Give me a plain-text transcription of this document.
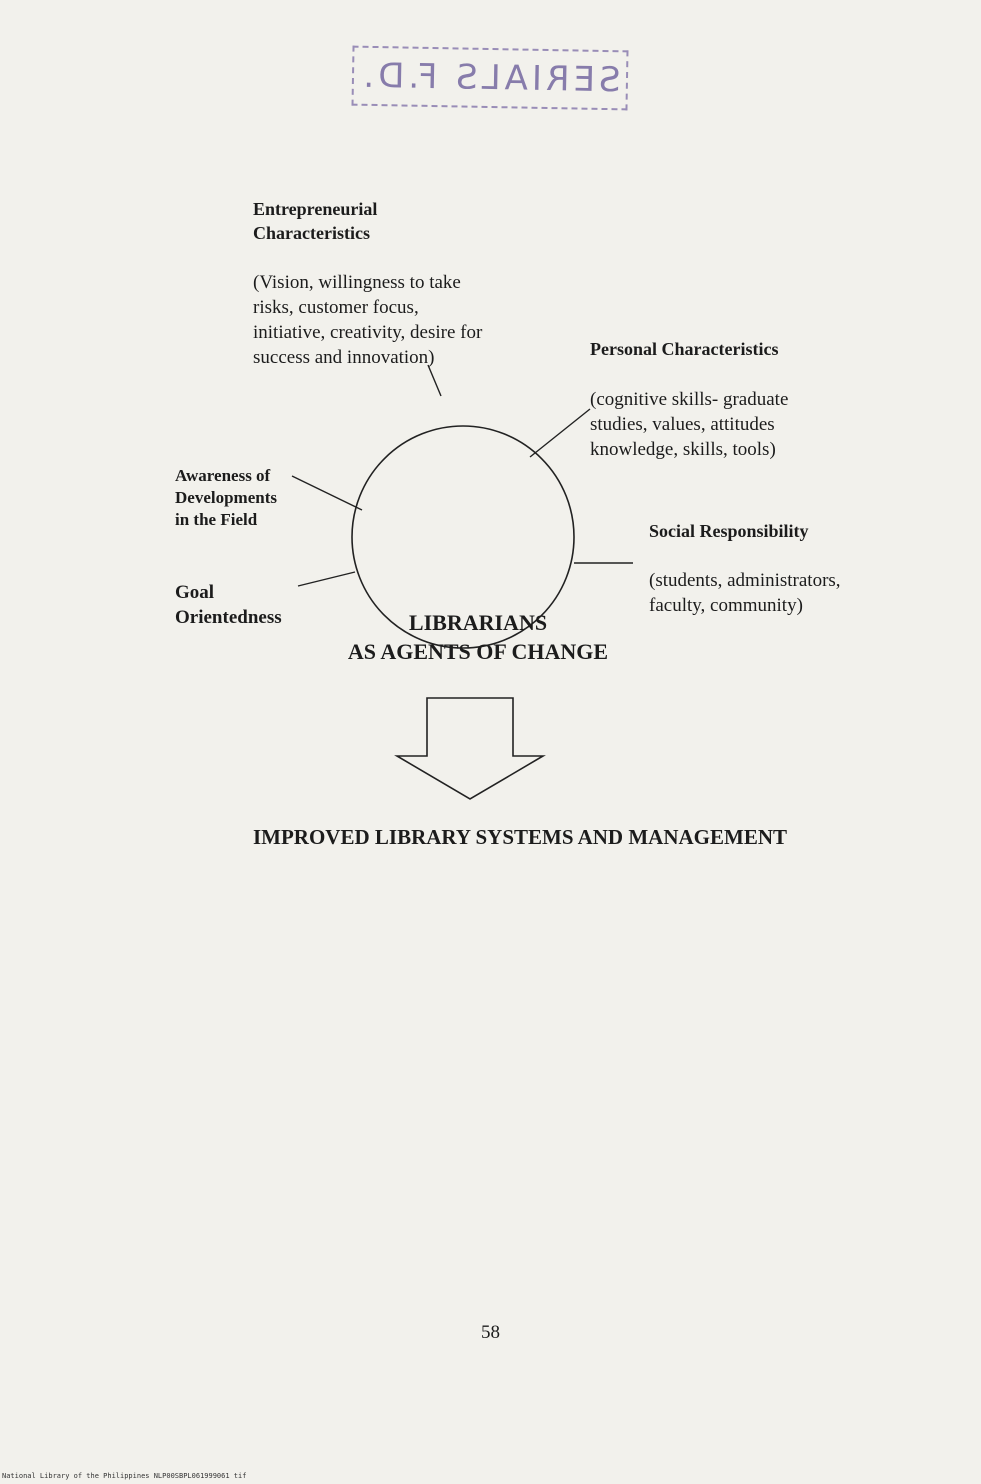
SERIALS F.D.
Entrepreneurial
Characteristics
(Vision, willingness to take
risks, customer focus,
initiative, creativity, desire for
success and innovation)	Personal Characteristics
(cognitive skills- graduate
studies, values, attitudes
knowledge, skills, tools)
Awareness of
Developments
in the Field
Goal
Orientedness
Social Responsibility
(students, administrators,
faculty, community)
LIBRARIANS
AS AGENTS OF CHANGE
IMPROVED LIBRARY SYSTEMS AND MANAGEMENT
58
National Library of the Philippines NLP00SBPL061999061 tif
